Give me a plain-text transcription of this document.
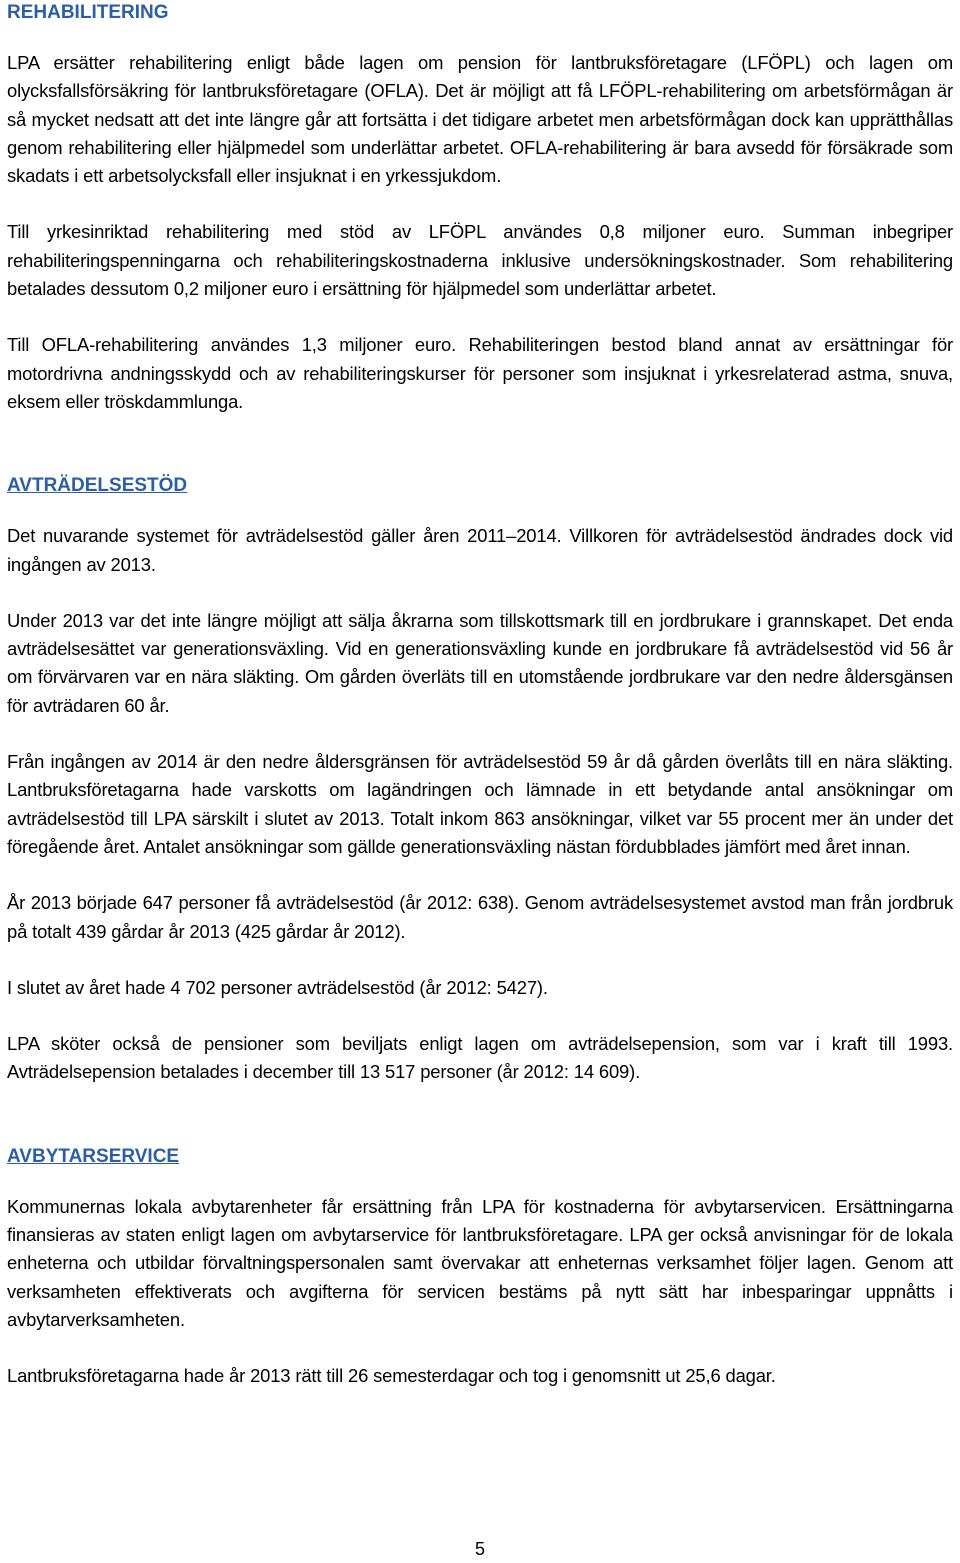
REHABILITERING

LPA ersätter rehabilitering enligt både lagen om pension för lantbruksföretagare (LFÖPL) och lagen om olycksfallsförsäkring för lantbruksföretagare (OFLA). Det är möjligt att få LFÖPL-rehabilitering om arbetsförmågan är så mycket nedsatt att det inte längre går att fortsätta i det tidigare arbetet men arbetsförmågan dock kan upprätthållas genom rehabilitering eller hjälpmedel som underlättar arbetet. OFLA-rehabilitering är bara avsedd för försäkrade som skadats i ett arbetsolycksfall eller insjuknat i en yrkessjukdom.

Till yrkesinriktad rehabilitering med stöd av LFÖPL användes 0,8 miljoner euro. Summan inbegriper rehabiliteringspenningarna och rehabiliteringskostnaderna inklusive undersökningskostnader. Som rehabilitering betalades dessutom 0,2 miljoner euro i ersättning för hjälpmedel som underlättar arbetet.

Till OFLA-rehabilitering användes 1,3 miljoner euro. Rehabiliteringen bestod bland annat av ersättningar för motordrivna andningsskydd och av rehabiliteringskurser för personer som insjuknat i yrkesrelaterad astma, snuva, eksem eller tröskdammlunga.

AVTRÄDELSESTÖD

Det nuvarande systemet för avträdelsestöd gäller åren 2011–2014. Villkoren för avträdelsestöd ändrades dock vid ingången av 2013.

Under 2013 var det inte längre möjligt att sälja åkrarna som tillskottsmark till en jordbrukare i grannskapet. Det enda avträdelsesättet var generationsväxling. Vid en generationsväxling kunde en jordbrukare få avträdelsestöd vid 56 år om förvärvaren var en nära släkting. Om gården överläts till en utomstående jordbrukare var den nedre åldersgänsen för avträdaren 60 år.

Från ingången av 2014 är den nedre åldersgränsen för avträdelsestöd 59 år då gården överlåts till en nära släkting. Lantbruksföretagarna hade varskotts om lagändringen och lämnade in ett betydande antal ansökningar om avträdelsestöd till LPA särskilt i slutet av 2013. Totalt inkom 863 ansökningar, vilket var 55 procent mer än under det föregående året. Antalet ansökningar som gällde generationsväxling nästan fördubblades jämfört med året innan.

År 2013 började 647 personer få avträdelsestöd (år 2012: 638). Genom avträdelsesystemet avstod man från jordbruk på totalt 439 gårdar år 2013 (425 gårdar år 2012).

I slutet av året hade 4 702 personer avträdelsestöd (år 2012: 5427).

LPA sköter också de pensioner som beviljats enligt lagen om avträdelsepension, som var i kraft till 1993. Avträdelsepension betalades i december till 13 517 personer (år 2012: 14 609).

AVBYTARSERVICE

Kommunernas lokala avbytarenheter får ersättning från LPA för kostnaderna för avbytarservicen. Ersättningarna finansieras av staten enligt lagen om avbytarservice för lantbruksföretagare. LPA ger också anvisningar för de lokala enheterna och utbildar förvaltningspersonalen samt övervakar att enheternas verksamhet följer lagen. Genom att verksamheten effektiverats och avgifterna för servicen bestäms på nytt sätt har inbesparingar uppnåtts i avbytarverksamheten.

Lantbruksföretagarna hade år 2013 rätt till 26 semesterdagar och tog i genomsnitt ut 25,6 dagar.

5
